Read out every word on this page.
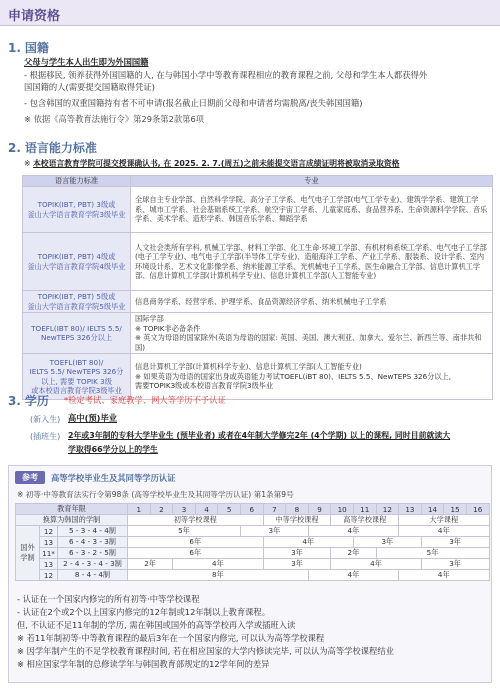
申请资格
1. 国籍
父母与学生本人出生即为外国国籍
- 根据移民, 领养获得外国国籍的人, 在与韩国小学中等教育课程相应的教育课程之前, 父母和学生本人都获得外
国国籍的人(需要提交国籍取得凭证)
- 包含韩国的双重国籍持有者不可申请(报名截止日期前父母和申请者均需脱离/丧失韩国国籍)
※ 依据《高等教育法施行令》第29条第2款第6项
2. 语言能力标准
※ 本校语言教育学院可提交授课确认书, 在 2025. 2. 7.(周五)之前未能提交语言成绩证明将被取消录取资格
语言能力标准	专业
TOPIK(IBT, PBT) 3级或
釜山大学语言教育学院3级毕业	全球自主专业学部、自然科学学院、高分子工学系、电气电子工学部(电气工学专业)、建筑学学系、建筑工学系、城市工学系、社会基础系统工学系、航空宇宙工学系、儿童家庭系、食品营养系、生命资源科学学院、音乐学系、美术学系、造形学系、韩国音乐学系、舞蹈学系
TOPIK(IBT, PBT) 4级或
釜山大学语言教育学院4级毕业	人文社会类所有学科, 机械工学部、材料工学部、化工生命·环境工学部、有机材料系统工学系、电气电子工学部(电子工学专业)、电气电子工学部(半导体工学专业)、造船海洋工学系、产业工学系、服装系、设计学系、室内环境设计系、艺术文化影像学系、纳米能源工学系、光机械电子工学系、医生命融合工学部、信息计算机工学部、信息计算机工学部(计算机科学专业)、信息计算机工学部(人工智能专业)
TOPIK(IBT, PBT) 5级或
釜山大学语言教育学院5级毕业	信息商务学系、经营学系、护理学系、食品资源经济学系、纳米机械电子工学系
TOEFL(IBT 80)/ IELTS 5.5/
NewTEPS 326分以上	国际学部
※ TOPIK非必备条件
※ 英文为母语的国家除外(英语为母语的国家: 英国、美国、澳大利亚、加拿大、爱尔兰、新西兰等、南非共和国)
TOEFL(IBT 80)/
IELTS 5.5/ NewTEPS 326分
以上, 需要 TOPIK 3级
或本校语言教育学院3级毕业	信息计算机工学部(计算机科学专业)、信息计算机工学部(人工智能专业)
※ 如果英语为母语的国家出身或英语能力考试TOEFL(iBT 80)、IELTS 5.5、NewTEPS 326分以上,
需要TOPIK3级或本校语言教育学院3级毕业
3. 学历 *检定考试、家庭教学、网大等学历不予认证
(新入生) 高中(预)毕业
(插班生) 2年或3年制的专科大学毕业生 (预毕业者) 或者在4年制大学修完2年 (4个学期) 以上的课程, 同时目前就读大
学取得66学分以上的学生
参考	高等学校毕业生及其同等学历认证
※ 初等·中等教育法实行令第98条 (高等学校毕业生及其同等学历认证) 第1条第9号
教育年限			1	2	3	4	5	6	7	8	9	10	11	12	13	14	15	16
换算为韩国的学制			初等学校课程						中等学校课程			高等学校课程			大学课程			
国外
学制	12	5 - 3 - 4 - 4制	5年					3年			4年				4年			
	13	6 - 4 - 3 - 3制	6年						4年				3年			3年		
	11*	6 - 3 - 2 - 5制	6年						3年			2年		5年				
	13	2 - 4 - 3 - 4 - 3制	2年		4年				3年			4年				3年		
	12	8 - 4 - 4制	8年								4年				4年			
- 认证在一个国家内修完的所有初等·中等学校课程
- 认证在2个或2个以上国家内修完的12年制或12年制以上教育课程。
但, 不认证不足11年制的学历, 需在韩国或国外的高等学校再入学或插班入读
※ 若11年制初等·中等教育课程的最后3年在一个国家内修完, 可以认为高等学校课程
※ 因学年制产生的不足学校教育课程时间, 若在相应国家的大学内修读完毕, 可以认为高等学校课程结业
※ 相应国家学年制的总修读学年与韩国教育部规定的12学年间的差异
